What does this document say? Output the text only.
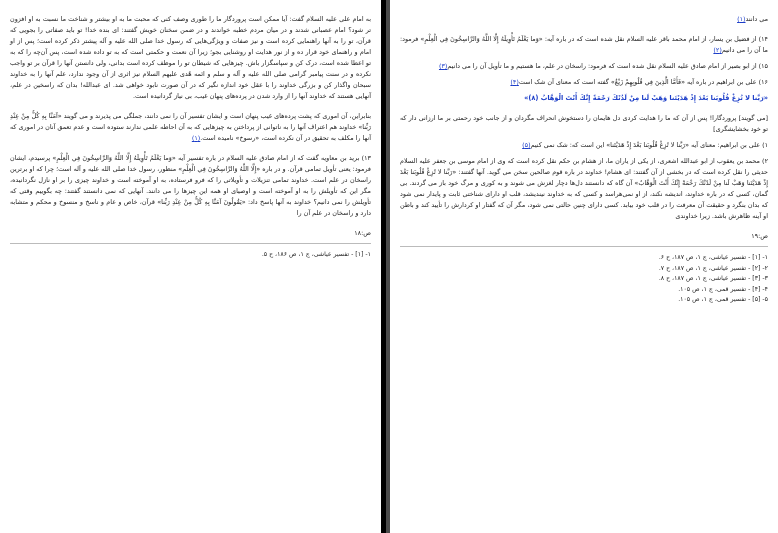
به امام علی علیه السلام گفت: آیا ممکن است پروردگار ما را طوری وصف کنی که محبت ما به او بیشتر و شناخت ما نسبت به او افزون تر شود؟ امام عصبانی شدند و در میان مردم خطبه خواندند و در ضمن سخنان خویش گفتند: ای بنده خدا! تو باید صفاتی را بجویی که قرآن، تو را به آنها راهنمایی کرده است و نیز صفات و ویژگی‌هایی که رسول خدا صلی الله علیه و آله پیشتر ذکر کرده است؛ پس از او امام و راهنمای خود قرار ده و از نور هدایت او روشنایی بجو؛ زیرا آن نعمت و حکمتی است که به تو داده شده است، پس آن‌چه را که به تو اعطا شده است، درک کن و سپاسگزار باش. چیزهایی که شیطان تو را موظف کرده است بدانی، ولی دانستن آنها را قرآن بر تو واجب نکرده و در سنت پیامبر گرامی صلی الله علیه و آله و سلم و ائمه هُدی علیهم السلام نیز اثری از آن وجود ندارد، علم آنها را به خداوند سبحان واگذار کن و بزرگی خداوند را با عقل خود اندازه نگیر که در آن صورت نابود خواهی شد. ای عبدالله! بدان که راسخین در علم، آنهایی هستند که خداوند آنها را از وارد شدن در پرده‌های پنهان غیب، بی نیاز گردانیده است.

بنابراین، آن اموری که پشت پرده‌های غیب پنهان است و ایشان تفسیر آن را نمی دانند، جملگی می پذیرند و می گویند «آمَنَّا بِهِ كُلٌّ مِنْ عِنْدِ رَبِّنا» خداوند هم اعتراف آنها را به ناتوانی از پرداختن به چیزهایی که به آن احاطه علمی ندارند ستوده است و عدم تعمق آنان در اموری که آنها را مکلف به تحقیق در آن نکرده است، «رسوخ» نامیده است.(۱)

۱۳) برید بن معاویه گفت که از امام صادق علیه السلام در باره تفسیر آیه «وَما يَعْلَمُ تَأْوِيلَهُ إِلَّا اللَّهُ وَالرَّاسِخُونَ فِي الْعِلْمِ» پرسیدم، ایشان فرمود: یعنی تأویل تمامی قرآن. و در باره «إِلَّا اللَّهُ وَالرَّاسِخُونَ فِي الْعِلْمِ» منظور، رسول خدا صلی الله علیه و آله است؛ چرا که او برترین راسخان در علم است. خداوند تمامی تنزیلات و تأویلاتی را که فرو فرستاده، به او آموخته است و خداوند چیزی را بر او نازل نگردانیده، مگر این که تأویلش را به او آموخته است و اوصیای او همه این چیزها را می دانند. آنهایی که نمی دانستند گفتند: چه بگوییم وقتی که تأویلش را نمی دانیم؟ خداوند به آنها پاسخ داد: «يَقُولُونَ آمَنَّا بِهِ كُلٌّ مِنْ عِنْدِ رَبِّنا» قرآن، خاص و عام و ناسخ و منسوخ و محکم و متشابه دارد و راسخان در علم آن را

ص:۱۸

۱- [۱] - تفسیر عیاشی، ج ۱، ص ۱۸۶، ح ۵.

می دانند(۱)

۱۴) از فضیل بن یسار، از امام محمد باقر علیه السلام نقل شده است که در باره آیه: «وَما يَعْلَمُ تَأْوِيلَهُ إِلَّا اللَّهُ وَالرَّاسِخُونَ فِي الْعِلْمِ» فرمود: ما آن را می دانیم(۲)

۱۵) از ابو بصیر از امام صادق علیه السلام نقل شده است که فرمود: راسخان در علم، ما هستیم و ما تأویل آن را می دانیم(۳)

۱۶) علی بن ابراهیم در باره آیه «فَأَمَّا الَّذِينَ فِي قُلُوبِهِمْ زَيْغٌ» گفته است که معنای آن شک است(۴)

«رَبَّنا لا تُزِغْ قُلُوبَنا بَعْدَ إِذْ هَدَيْتَنا وَهَبْ لَنا مِنْ لَدُنْكَ رَحْمَةً إِنَّكَ أَنْتَ الْوَهَّابُ (۸)»

[می گویند] پروردگارا! پس از آن که ما را هدایت کردی دل هایمان را دستخوش انحراف مگردان و از جانب خود رحمتی بر ما ارزانی دار که تو خود بخشایشگری]

۱) علی بن ابراهیم: معنای آیه «رَبَّنا لا تُزِغْ قُلُوبَنا بَعْدَ إِذْ هَدَيْتَنا» این است که: شک نمی کنیم(۵)

۲) محمد بن یعقوب از ابو عبدالله اشعری، از یکی از یاران ما، از هشام بن حکم نقل کرده است که وی از امام موسی بن جعفر علیه السلام حدیثی را نقل کرده است که در بخشی از آن گفتند: ای هشام! خداوند در باره قوم صالحین سخن می گوید. آنها گفتند: «رَبَّنا لا تُزِغْ قُلُوبَنا بَعْدَ إِذْ هَدَيْتَنا وَهَبْ لَنا مِنْ لَدُنْكَ رَحْمَةً إِنَّكَ أَنْتَ الْوَهَّابُ» آن گاه که دانستند دل‌ها دچار لغزش می شوند و به کوری و مرگ خود باز می گردند. بی گمان، کسی که در باره خداوند، اندیشه نکند، از او نمی‌هراسد و کسی که به خداوند نیندیشد، قلب او دارای شناختی ثابت و پایدار نمی شود که بدان بنگرد و حقیقت آن معرفت را در قلب خود بیابد. کسی دارای چنین حالتی نمی شود، مگر آن که گفتار او کردارش را تأیید کند و باطن او آینه ظاهرش باشد. زیرا خداوندی

ص:۱۹

۱- [۱] - تفسیر عیاشی، ج ۱، ص ۱۸۷، ح ۶.

۲- [۲] - تفسیر عیاشی، ج ۱، ص ۱۸۷، ح ۷.

۳- [۳] - تفسیر عیاشی، ج ۱، ص ۱۸۷، ح ۸.

۴- [۴] - تفسیر قمی، ج ۱، ص ۱۰۵.

۵- [۵] - تفسیر قمی، ج ۱، ص ۱۰۵.
